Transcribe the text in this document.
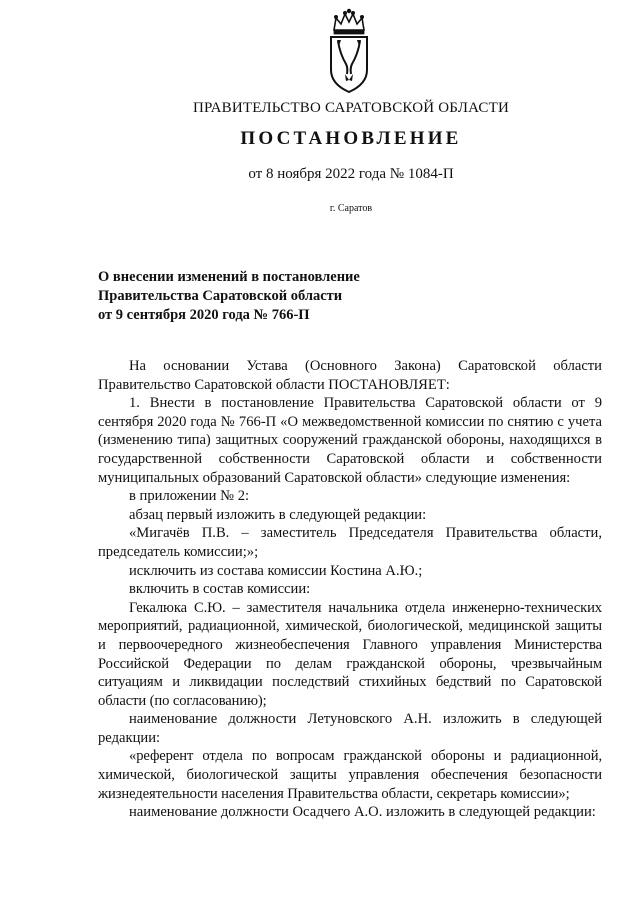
ПРАВИТЕЛЬСТВО САРАТОВСКОЙ ОБЛАСТИ
ПОСТАНОВЛЕНИЕ
от 8 ноября 2022 года № 1084-П
г. Саратов
О внесении изменений в постановление
Правительства Саратовской области
от 9 сентября 2020 года № 766-П

На основании Устава (Основного Закона) Саратовской области Правительство Саратовской области ПОСТАНОВЛЯЕТ:

1. Внести в постановление Правительства Саратовской области от 9 сентября 2020 года № 766-П «О межведомственной комиссии по снятию с учета (изменению типа) защитных сооружений гражданской обороны, находящихся в государственной собственности Саратовской области и собственности муниципальных образований Саратовской области» следующие изменения:

в приложении № 2:

абзац первый изложить в следующей редакции:

«Мигачёв П.В. – заместитель Председателя Правительства области, председатель комиссии;»;

исключить из состава комиссии Костина А.Ю.;

включить в состав комиссии:

Гекалюка С.Ю. – заместителя начальника отдела инженерно-технических мероприятий, радиационной, химической, биологической, медицинской защиты и первоочередного жизнеобеспечения Главного управления Министерства Российской Федерации по делам гражданской обороны, чрезвычайным ситуациям и ликвидации последствий стихийных бедствий по Саратовской области (по согласованию);

наименование должности Летуновского А.Н. изложить в следующей редакции:

«референт отдела по вопросам гражданской обороны и радиационной, химической, биологической защиты управления обеспечения безопасности жизнедеятельности населения Правительства области, секретарь комиссии»;

наименование должности Осадчего А.О. изложить в следующей редакции:
